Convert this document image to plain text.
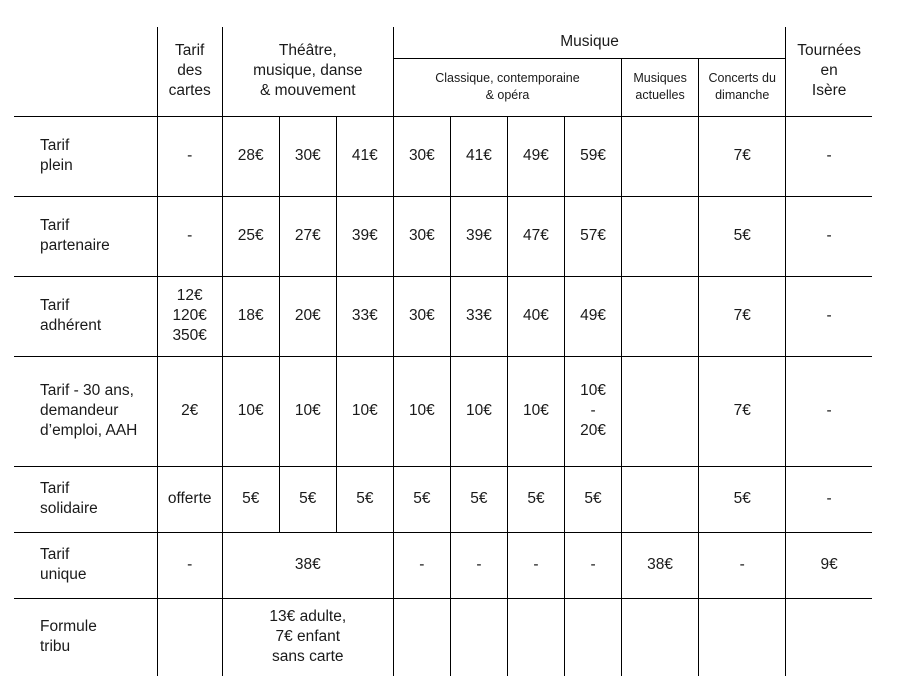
	Tarif
des
cartes	Théâtre,
musique, danse
& mouvement			Musique						Tournées
en
Isère
					Classique, contemporaine
& opéra				Musiques
actuelles	Concerts du
dimanche	
Tarif
plein	-	28€	30€	41€	30€	41€	49€	59€		7€	-
Tarif
partenaire	-	25€	27€	39€	30€	39€	47€	57€		5€	-
Tarif
adhérent	12€
120€
350€	18€	20€	33€	30€	33€	40€	49€		7€	-
Tarif - 30 ans,
demandeur
d’emploi, AAH	2€	10€	10€	10€	10€	10€	10€	10€
-
20€		7€	-
Tarif
solidaire	offerte	5€	5€	5€	5€	5€	5€	5€		5€	-
Tarif
unique	-	38€			-	-	-	-	38€	-	9€
Formule
tribu		13€ adulte,
7€ enfant
sans carte									
